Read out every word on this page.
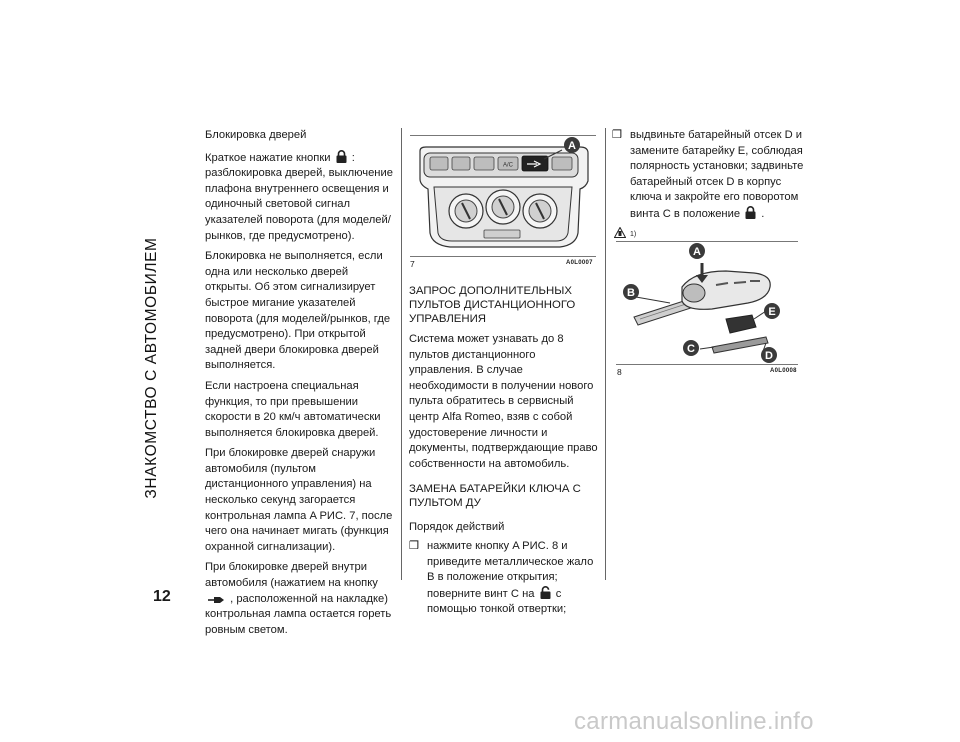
ЗНАКОМСТВО С АВТОМОБИЛЕМ

Блокировка дверей

Краткое нажатие кнопки : разблокировка дверей, выключение плафона внутреннего освещения и одиночный световой сигнал указателей поворота (для моделей/рынков, где предусмотрено).

Блокировка не выполняется, если одна или несколько дверей открыты. Об этом сигнализирует быстрое мигание указателей поворота (для моделей/рынков, где предусмотрено). При открытой задней двери блокировка дверей выполняется.

Если настроена специальная функция, то при превышении скорости в 20 км/ч автоматически выполняется блокировка дверей.

При блокировке дверей снаружи автомобиля (пультом дистанционного управления) на несколько секунд загорается контрольная лампа A РИС. 7, после чего она начинает мигать (функция охранной сигнализации).

При блокировке дверей внутри автомобиля (нажатием на кнопку  , расположенной на накладке) контрольная лампа остается гореть ровным светом.

A/C
A
7	A0L0007

ЗАПРОС ДОПОЛНИТЕЛЬНЫХ ПУЛЬТОВ ДИСТАНЦИОННОГО УПРАВЛЕНИЯ

Система может узнавать до 8 пультов дистанционного управления. В случае необходимости в получении нового пульта обратитесь в сервисный центр Alfa Romeo, взяв с собой удостоверение личности и документы, подтверждающие право собственности на автомобиль.

ЗАМЕНА БАТАРЕЙКИ КЛЮЧА С ПУЛЬТОМ ДУ

Порядок действий

❒ нажмите кнопку A РИС. 8 и приведите металлическое жало B в положение открытия; поверните винт C на с помощью тонкой отвертки;
❒ выдвиньте батарейный отсек D и замените батарейку E, соблюдая полярность установки; задвиньте батарейный отсек D в корпус ключа и закройте его поворотом винта C в положение .
1)
A
B
C
D
E
8	A0L0008
12
carmanualsonline.info
